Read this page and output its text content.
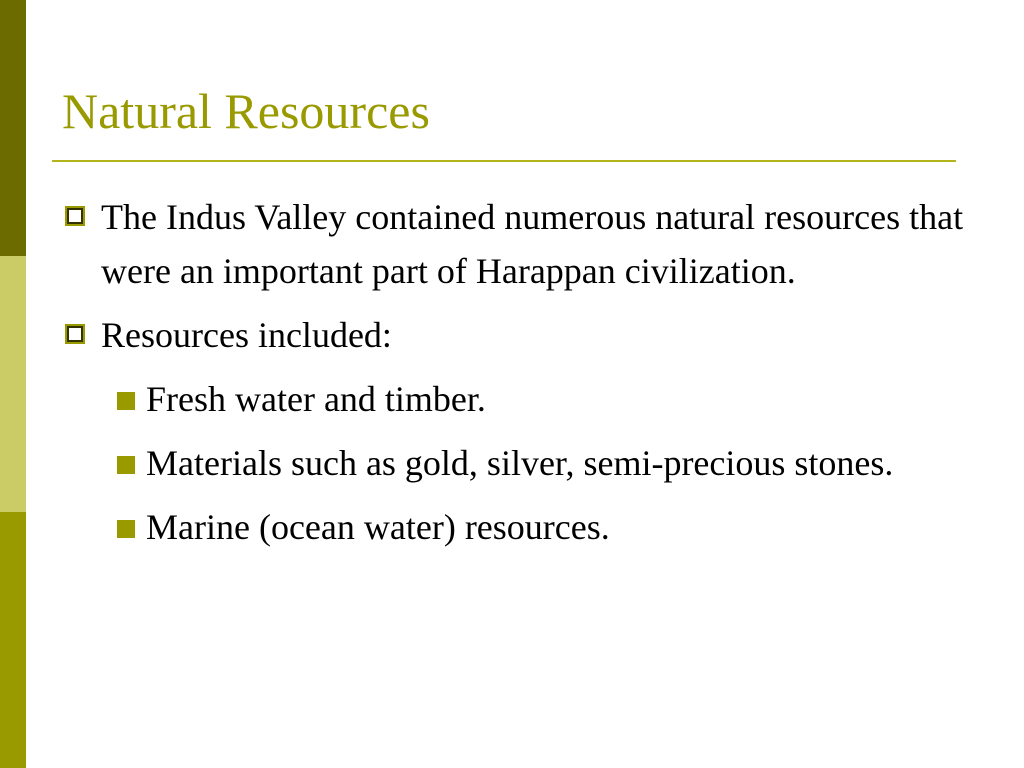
Natural Resources
The Indus Valley contained numerous natural resources that were an important part of Harappan civilization.
Resources included:
Fresh water and timber.
Materials such as gold, silver, semi-precious stones.
Marine (ocean water) resources.
